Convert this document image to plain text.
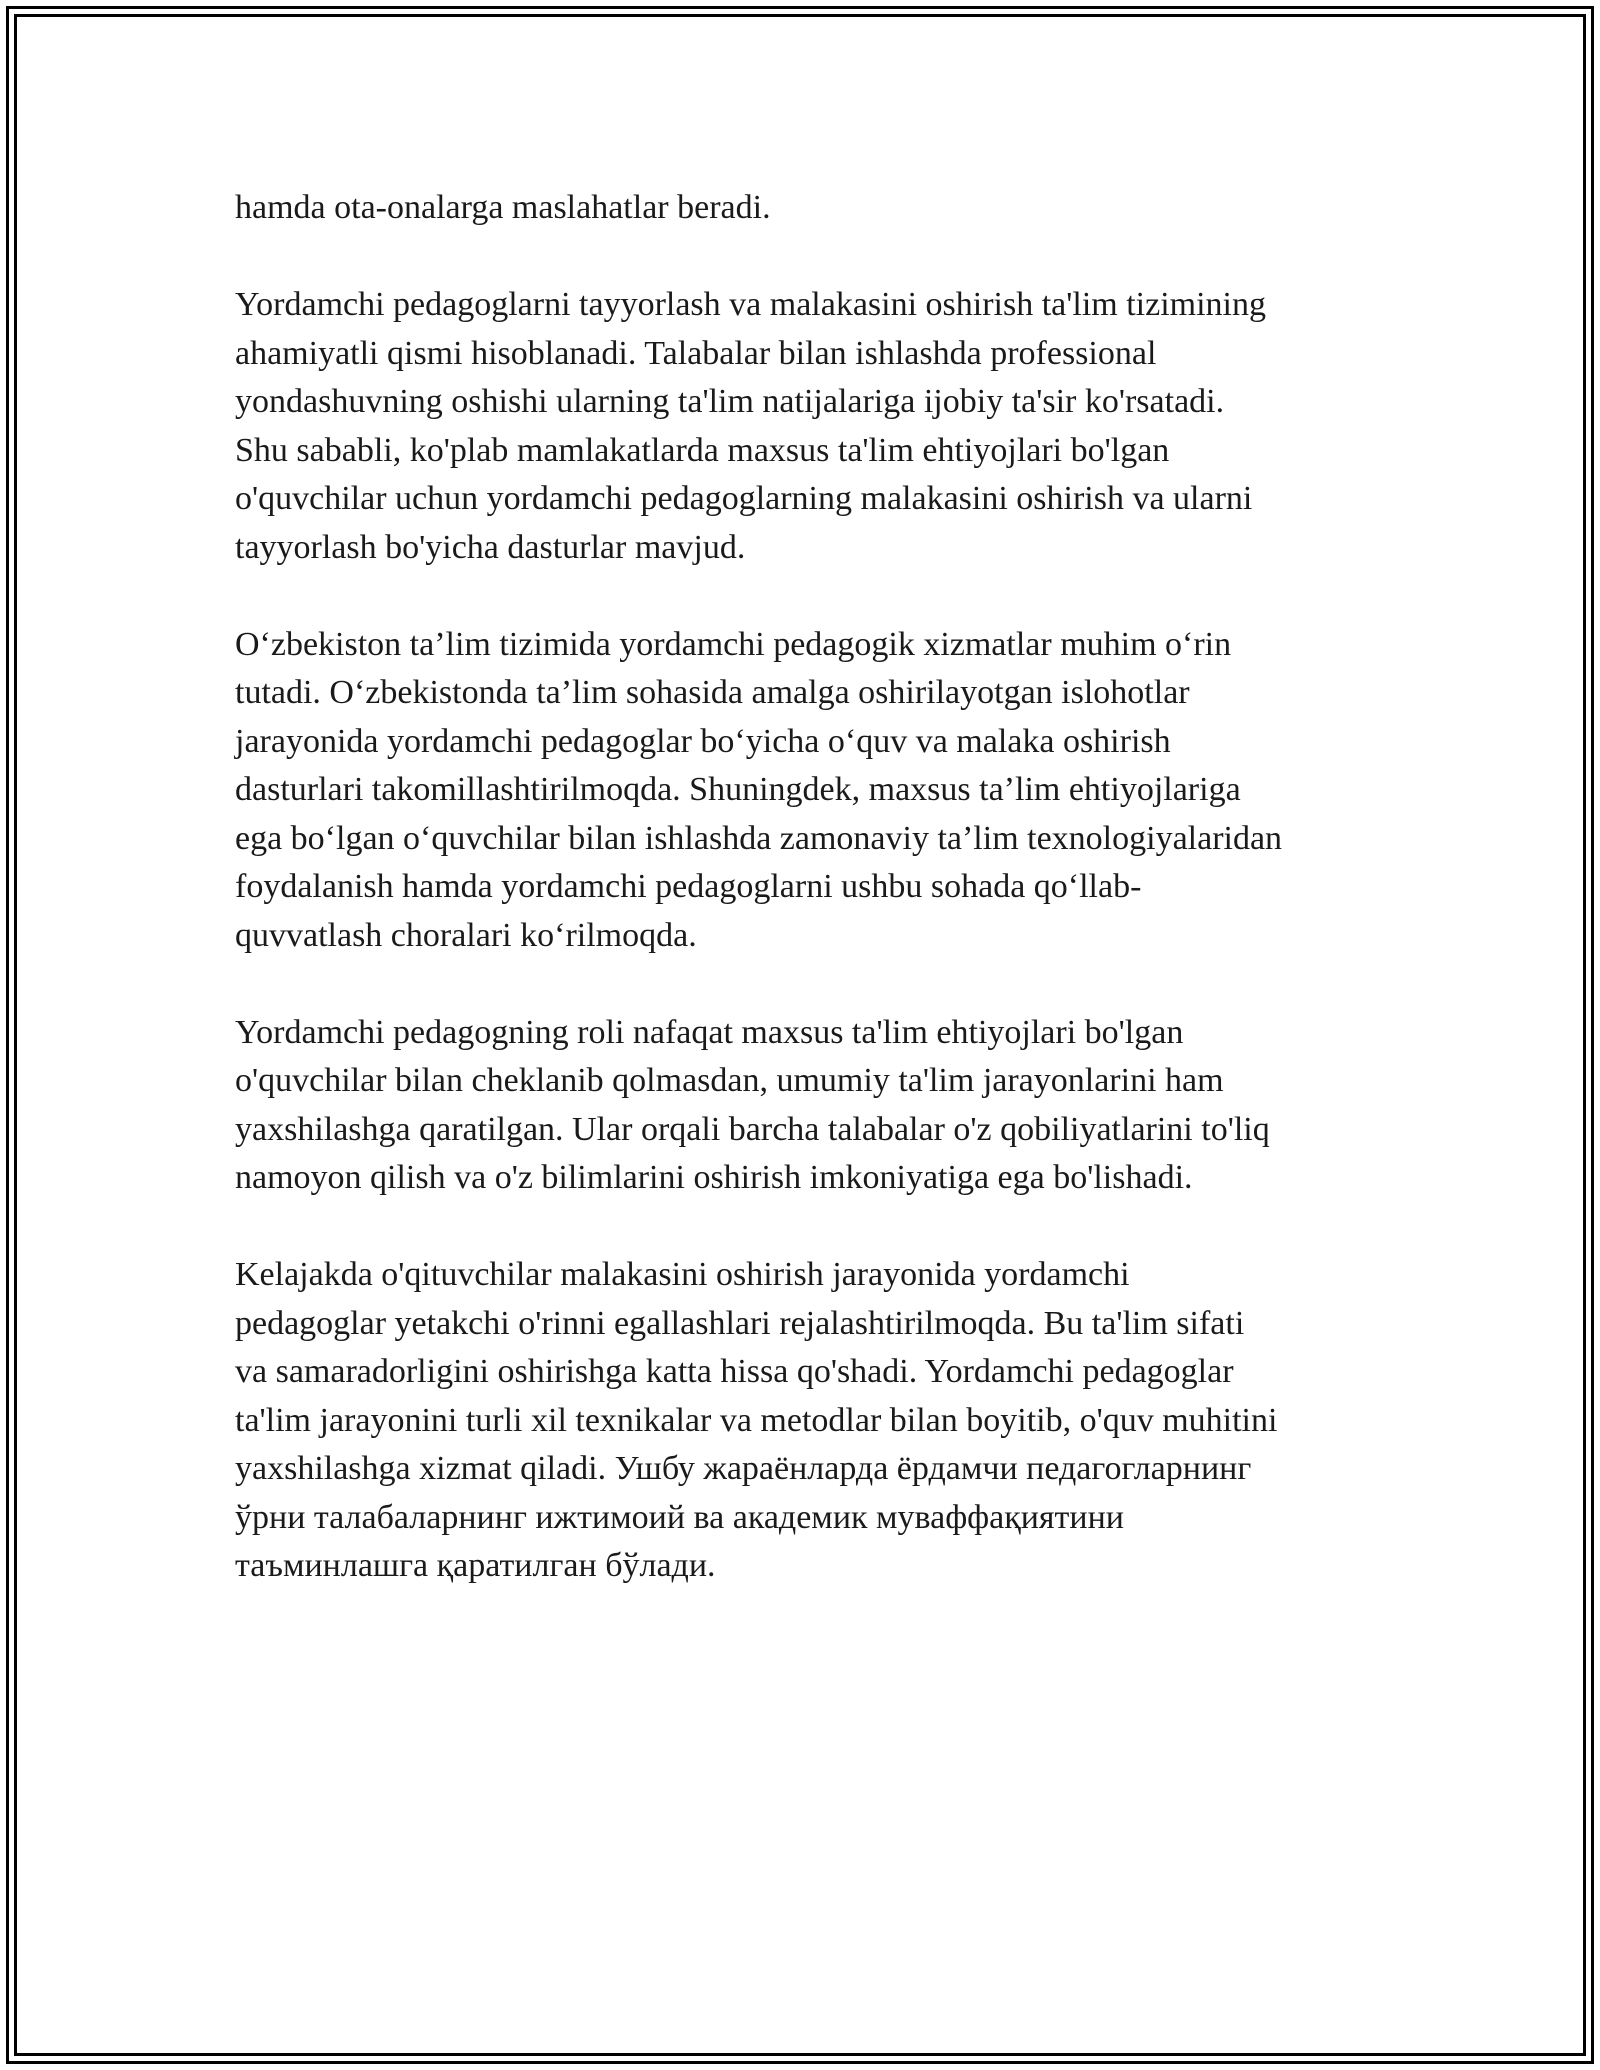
hamda ota-onalarga maslahatlar beradi.

Yordamchi pedagoglarni tayyorlash va malakasini oshirish ta'lim tizimining
ahamiyatli qismi hisoblanadi. Talabalar bilan ishlashda professional
yondashuvning oshishi ularning ta'lim natijalariga ijobiy ta'sir ko'rsatadi.
Shu sababli, ko'plab mamlakatlarda maxsus ta'lim ehtiyojlari bo'lgan
o'quvchilar uchun yordamchi pedagoglarning malakasini oshirish va ularni
tayyorlash bo'yicha dasturlar mavjud.

O‘zbekiston ta’lim tizimida yordamchi pedagogik xizmatlar muhim o‘rin
tutadi. O‘zbekistonda ta’lim sohasida amalga oshirilayotgan islohotlar
jarayonida yordamchi pedagoglar bo‘yicha o‘quv va malaka oshirish
dasturlari takomillashtirilmoqda. Shuningdek, maxsus ta’lim ehtiyojlariga
ega bo‘lgan o‘quvchilar bilan ishlashda zamonaviy ta’lim texnologiyalaridan
foydalanish hamda yordamchi pedagoglarni ushbu sohada qo‘llab-
quvvatlash choralari ko‘rilmoqda.

Yordamchi pedagogning roli nafaqat maxsus ta'lim ehtiyojlari bo'lgan
o'quvchilar bilan cheklanib qolmasdan, umumiy ta'lim jarayonlarini ham
yaxshilashga qaratilgan. Ular orqali barcha talabalar o'z qobiliyatlarini to'liq
namoyon qilish va o'z bilimlarini oshirish imkoniyatiga ega bo'lishadi.

Kelajakda o'qituvchilar malakasini oshirish jarayonida yordamchi
pedagoglar yetakchi o'rinni egallashlari rejalashtirilmoqda. Bu ta'lim sifati
va samaradorligini oshirishga katta hissa qo'shadi. Yordamchi pedagoglar
ta'lim jarayonini turli xil texnikalar va metodlar bilan boyitib, o'quv muhitini
yaxshilashga xizmat qiladi. Ушбу жараёнларда ёрдамчи педагогларнинг
ўрни талабаларнинг ижтимоий ва академик муваффақиятини
таъминлашга қаратилган бўлади.
